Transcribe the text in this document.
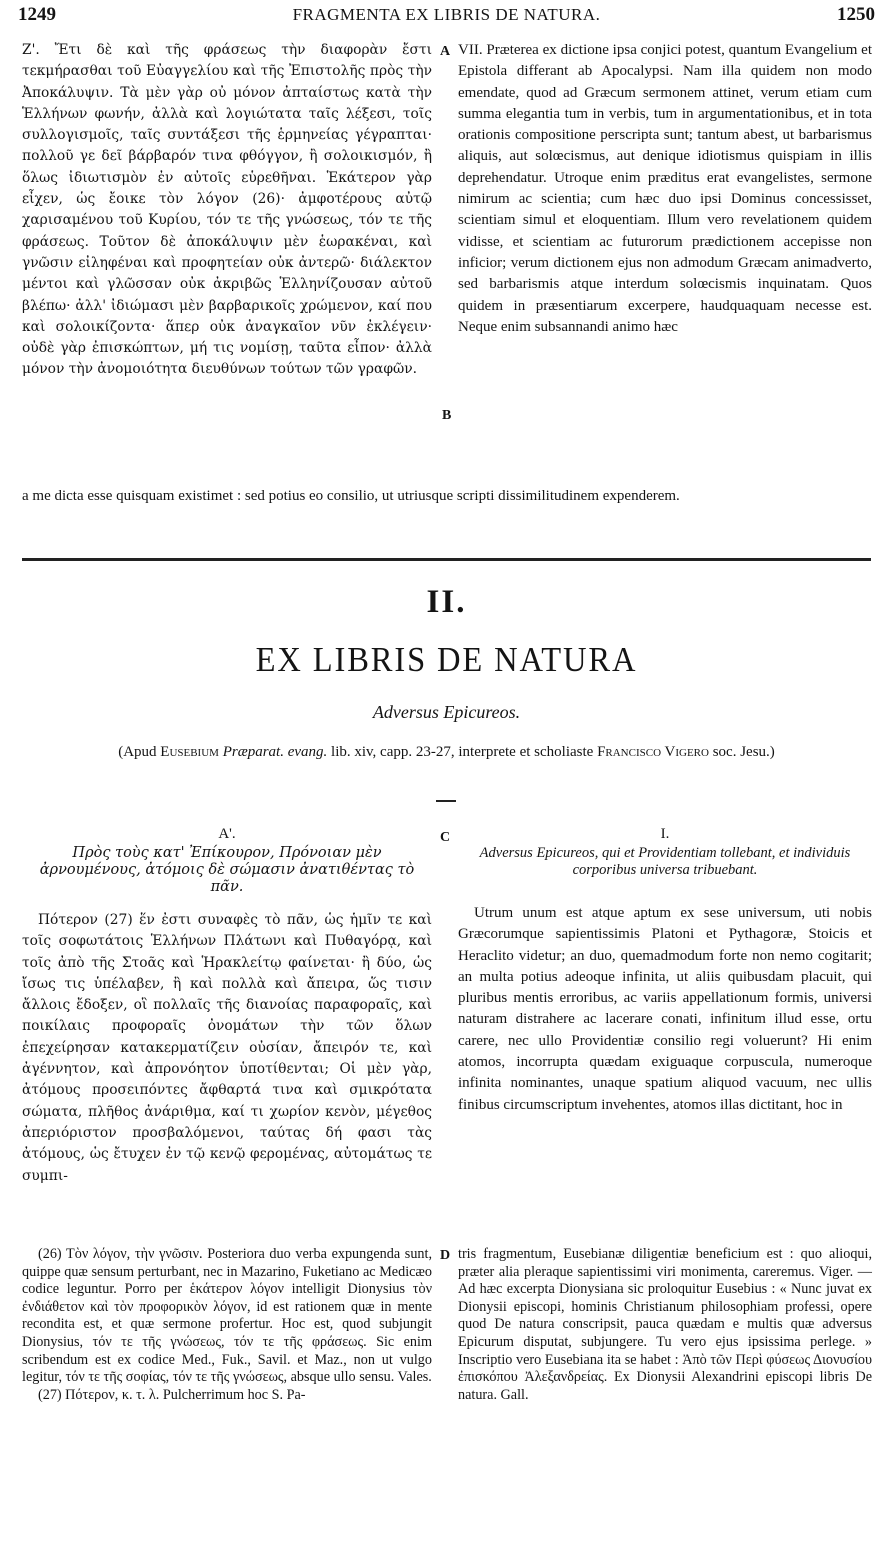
1249	FRAGMENTA EX LIBRIS DE NATURA.	1250

Ζ'. Ἔτι δὲ καὶ τῆς φράσεως τὴν διαφορὰν ἔστι τεκμήρασθαι τοῦ Εὐαγγελίου καὶ τῆς Ἐπιστολῆς πρὸς τὴν Ἀποκάλυψιν. Τὰ μὲν γὰρ οὐ μόνον ἀπταίστως κατὰ τὴν Ἑλλήνων φωνήν, ἀλλὰ καὶ λογιώτατα ταῖς λέξεσι, τοῖς συλλογισμοῖς, ταῖς συντάξεσι τῆς ἑρμηνείας γέγραπται· πολλοῦ γε δεῖ βάρβαρόν τινα φθόγγον, ἢ σολοικισμόν, ἢ ὅλως ἰδιωτισμὸν ἐν αὐτοῖς εὑρεθῆναι. Ἑκάτερον γὰρ εἶχεν, ὡς ἔοικε τὸν λόγον (26)· ἀμφοτέρους αὐτῷ χαρισαμένου τοῦ Κυρίου, τόν τε τῆς γνώσεως, τόν τε τῆς φράσεως. Τοῦτον δὲ ἀποκάλυψιν μὲν ἑωρακέναι, καὶ γνῶσιν εἰληφέναι καὶ προφητείαν οὐκ ἀντερῶ· διάλεκτον μέντοι καὶ γλῶσσαν οὐκ ἀκριβῶς Ἑλληνίζουσαν αὐτοῦ βλέπω· ἀλλ' ἰδιώμασι μὲν βαρβαρικοῖς χρώμενον, καί που καὶ σολοικίζοντα· ἅπερ οὐκ ἀναγκαῖον νῦν ἐκλέγειν· οὐδὲ γὰρ ἐπισκώπτων, μή τις νομίσῃ, ταῦτα εἶπον· ἀλλὰ μόνον τὴν ἀνομοιότητα διευθύνων τούτων τῶν γραφῶν.

A
B

VII. Præterea ex dictione ipsa conjici potest, quantum Evangelium et Epistola differant ab Apocalypsi. Nam illa quidem non modo emendate, quod ad Græcum sermonem attinet, verum etiam cum summa elegantia tum in verbis, tum in argumentationibus, et in tota orationis compositione perscripta sunt; tantum abest, ut barbarismus aliquis, aut solœcismus, aut denique idiotismus quispiam in illis deprehendatur. Utroque enim præditus erat evangelistes, sermone nimirum ac scientia; cum hæc duo ipsi Dominus concessisset, scientiam simul et eloquentiam. Illum vero revelationem quidem vidisse, et scientiam ac futurorum prædictionem accepisse non inficior; verum dictionem ejus non admodum Græcam animadverto, sed barbarismis atque interdum solœcismis inquinatam. Quos quidem in præsentiarum excerpere, haudquaquam necesse est. Neque enim subsannandi animo hæc

a me dicta esse quisquam existimet : sed potius eo consilio, ut utriusque scripti dissimilitudinem expenderem.

II.
EX LIBRIS DE NATURA
Adversus Epicureos.
(Apud Eusebium Præparat. evang. lib. xiv, capp. 23-27, interprete et scholiaste Francisco Vigero soc. Jesu.)
Α'.
Πρὸς τοὺς κατ' Ἐπίκουρον, Πρόνοιαν μὲν ἀρνουμένους, ἀτόμοις δὲ σώμασιν ἀνατιθέντας τὸ πᾶν.
Πότερον (27) ἕν ἐστι συναφὲς τὸ πᾶν, ὡς ἡμῖν τε καὶ τοῖς σοφωτάτοις Ἑλλήνων Πλάτωνι καὶ Πυθαγόρᾳ, καὶ τοῖς ἀπὸ τῆς Στοᾶς καὶ Ἡρακλείτῳ φαίνεται· ἢ δύο, ὡς ἴσως τις ὑπέλαβεν, ἢ καὶ πολλὰ καὶ ἄπειρα, ὥς τισιν ἄλλοις ἔδοξεν, οἳ πολλαῖς τῆς διανοίας παραφοραῖς, καὶ ποικίλαις προφοραῖς ὀνομάτων τὴν τῶν ὅλων ἐπεχείρησαν κατακερματίζειν οὐσίαν, ἄπειρόν τε, καὶ ἀγέννητον, καὶ ἀπρονόητον ὑποτίθενται; Οἱ μὲν γὰρ, ἀτόμους προσειπόντες ἄφθαρτά τινα καὶ σμικρότατα σώματα, πλῆθος ἀνάριθμα, καί τι χωρίον κενὸν, μέγεθος ἀπεριόριστον προσβαλόμενοι, ταύτας δή φασι τὰς ἀτόμους, ὡς ἔτυχεν ἐν τῷ κενῷ φερομένας, αὐτομάτως τε συμπι-
C	I.
Adversus Epicureos, qui et Providentiam tollebant, et individuis corporibus universa tribuebant.
Utrum unum est atque aptum ex sese universum, uti nobis Græcorumque sapientissimis Platoni et Pythagoræ, Stoicis et Heraclito videtur; an duo, quemadmodum forte non nemo cogitarit; an multa potius adeoque infinita, ut aliis quibusdam placuit, qui pluribus mentis erroribus, ac variis appellationum formis, universi naturam distrahere ac lacerare conati, infinitum illud esse, ortu carere, nec ullo Providentiæ consilio regi voluerunt? Hi enim atomos, incorrupta quædam exiguaque corpuscula, numeroque infinita nominantes, unaque spatium aliquod vacuum, nec ullis finibus circumscriptum invehentes, atomos illas dictitant, hoc in
D

(26) Τὸν λόγον, τὴν γνῶσιν. Posteriora duo verba expungenda sunt, quippe quæ sensum perturbant, nec in Mazarino, Fuketiano ac Medicæo codice leguntur. Porro per ἑκάτερον λόγον intelligit Dionysius τὸν ἐνδιάθετον καὶ τὸν προφορικὸν λόγον, id est rationem quæ in mente recondita est, et quæ sermone profertur. Hoc est, quod subjungit Dionysius, τόν τε τῆς γνώσεως, τόν τε τῆς φράσεως. Sic enim scribendum est ex codice Med., Fuk., Savil. et Maz., non ut vulgo legitur, τόν τε τῆς σοφίας, τόν τε τῆς γνώσεως, absque ullo sensu. Vales.

(27) Πότερον, κ. τ. λ. Pulcherrimum hoc S. Pa-

tris fragmentum, Eusebianæ diligentiæ beneficium est : quo alioqui, præter alia pleraque sapientissimi viri monimenta, careremus. Viger. — Ad hæc excerpta Dionysiana sic proloquitur Eusebius : « Nunc juvat ex Dionysii episcopi, hominis Christianum philosophiam professi, opere quod De natura conscripsit, pauca quædam e multis quæ adversus Epicurum disputat, subjungere. Tu vero ejus ipsissima perlege. » Inscriptio vero Eusebiana ita se habet : Ἀπὸ τῶν Περὶ φύσεως Διονυσίου ἐπισκόπου Ἀλεξανδρείας. Ex Dionysii Alexandrini episcopi libris De natura. Gall.
